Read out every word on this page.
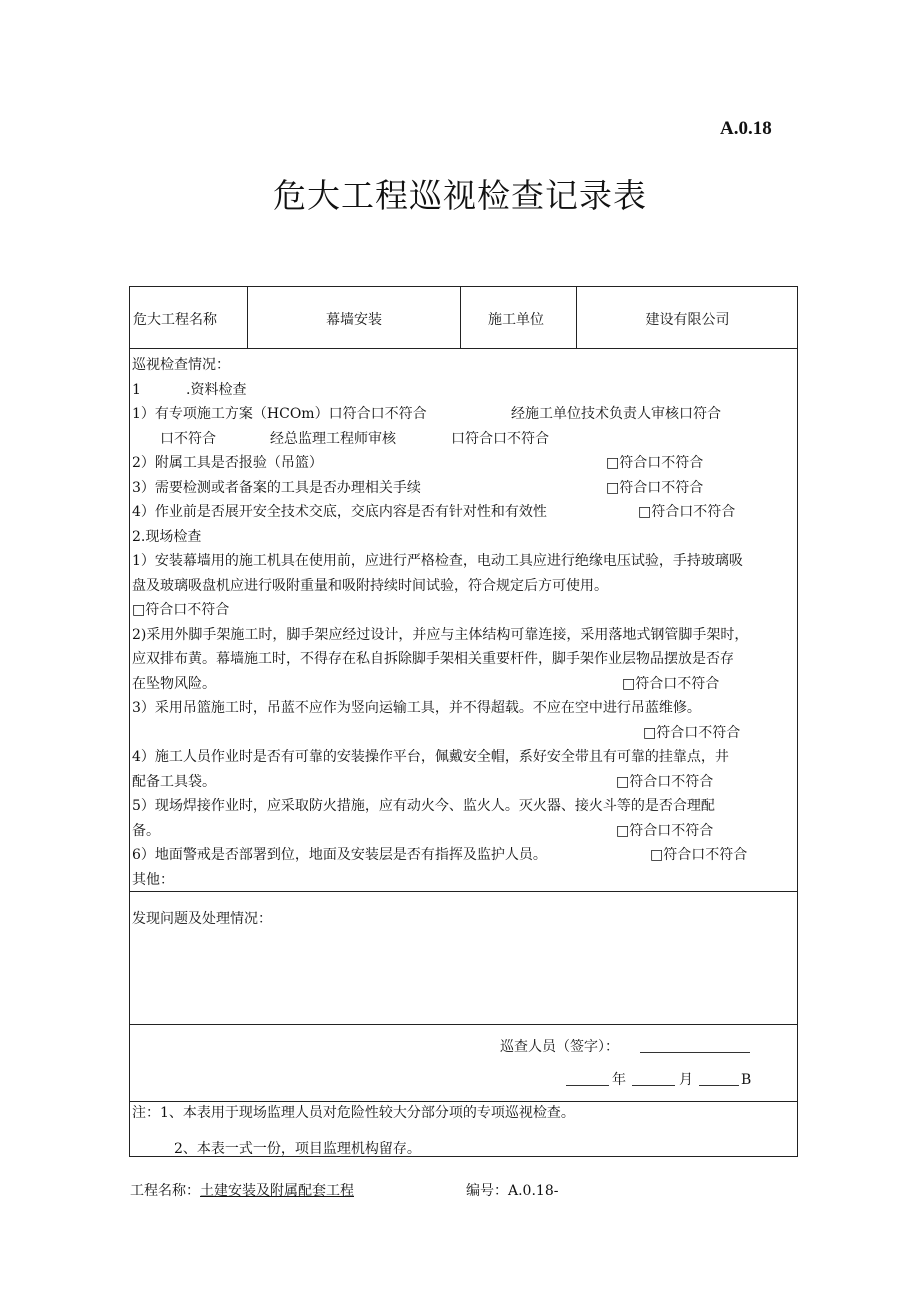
A.0.18
危大工程巡视检查记录表
危大工程名称	幕墙安装	施工单位	建设有限公司
巡视检查情况：
1	.资料检查
1）有专项施工方案（HCOm）口符合口不符合	经施工单位技术负责人审核口符合
口不符合	经总监理工程师审核	口符合口不符合
2）附属工具是否报验（吊篮）	□符合口不符合
3）需要检测或者备案的工具是否办理相关手续	□符合口不符合
4）作业前是否展开安全技术交底，交底内容是否有针对性和有效性	□符合口不符合
2.现场检查
1）安装幕墙用的施工机具在使用前，应进行严格检查，电动工具应进行绝缘电压试验，手持玻璃吸
盘及玻璃吸盘机应进行吸附重量和吸附持续时间试验，符合规定后方可使用。
□符合口不符合
2)采用外脚手架施工时，脚手架应经过设计，并应与主体结构可靠连接，采用落地式钢管脚手架时，
应双排布黄。幕墙施工时，不得存在私自拆除脚手架相关重要杆件，脚手架作业层物品摆放是否存
在坠物风险。	□符合口不符合
3）采用吊篮施工时，吊蓝不应作为竖向运输工具，并不得超载。不应在空中进行吊蓝维修。
□符合口不符合
4）施工人员作业时是否有可靠的安装操作平台，佩戴安全帽，系好安全带且有可靠的挂靠点，井
配备工具袋。	□符合口不符合
5）现场焊接作业时，应采取防火措施，应有动火今、监火人。灭火器、接火斗等的是否合理配
备。	□符合口不符合
6）地面警戒是否部署到位，地面及安装层是否有指挥及监护人员。	□符合口不符合
其他：
发现问题及处理情况：
巡查人员（签字）：
年	月	B
注：1、本表用于现场监理人员对危险性较大分部分项的专项巡视检查。
2、本表一式一份，项目监理机构留存。
工程名称：土建安装及附属配套工程	编号：A.0.18-
